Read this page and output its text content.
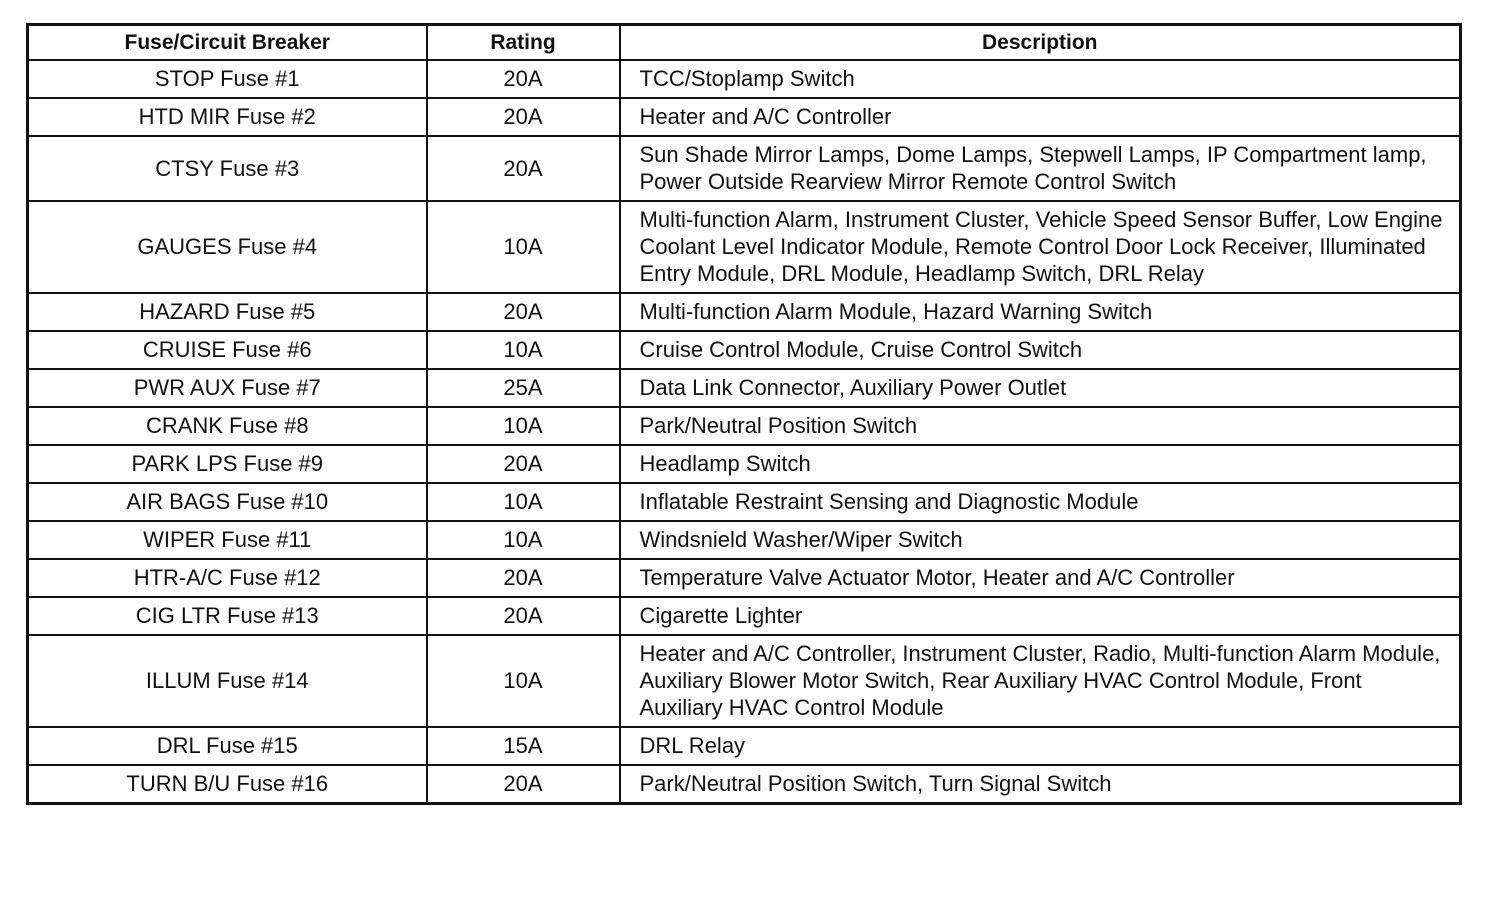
Fuse/Circuit Breaker	Rating	Description
STOP Fuse #1	20A	TCC/Stoplamp Switch
HTD MIR Fuse #2	20A	Heater and A/C Controller
CTSY Fuse #3	20A	Sun Shade Mirror Lamps, Dome Lamps, Stepwell Lamps, IP Compartment lamp, Power Outside Rearview Mirror Remote Control Switch
GAUGES Fuse #4	10A	Multi-function Alarm, Instrument Cluster, Vehicle Speed Sensor Buffer, Low Engine Coolant Level Indicator Module, Remote Control Door Lock Receiver, Illuminated Entry Module, DRL Module, Headlamp Switch, DRL Relay
HAZARD Fuse #5	20A	Multi-function Alarm Module, Hazard Warning Switch
CRUISE Fuse #6	10A	Cruise Control Module, Cruise Control Switch
PWR AUX Fuse #7	25A	Data Link Connector, Auxiliary Power Outlet
CRANK Fuse #8	10A	Park/Neutral Position Switch
PARK LPS Fuse #9	20A	Headlamp Switch
AIR BAGS Fuse #10	10A	Inflatable Restraint Sensing and Diagnostic Module
WIPER Fuse #11	10A	Windsnield Washer/Wiper Switch
HTR-A/C Fuse #12	20A	Temperature Valve Actuator Motor, Heater and A/C Controller
CIG LTR Fuse #13	20A	Cigarette Lighter
ILLUM Fuse #14	10A	Heater and A/C Controller, Instrument Cluster, Radio, Multi-function Alarm Module, Auxiliary Blower Motor Switch, Rear Auxiliary HVAC Control Module, Front Auxiliary HVAC Control Module
DRL Fuse #15	15A	DRL Relay
TURN B/U Fuse #16	20A	Park/Neutral Position Switch, Turn Signal Switch
